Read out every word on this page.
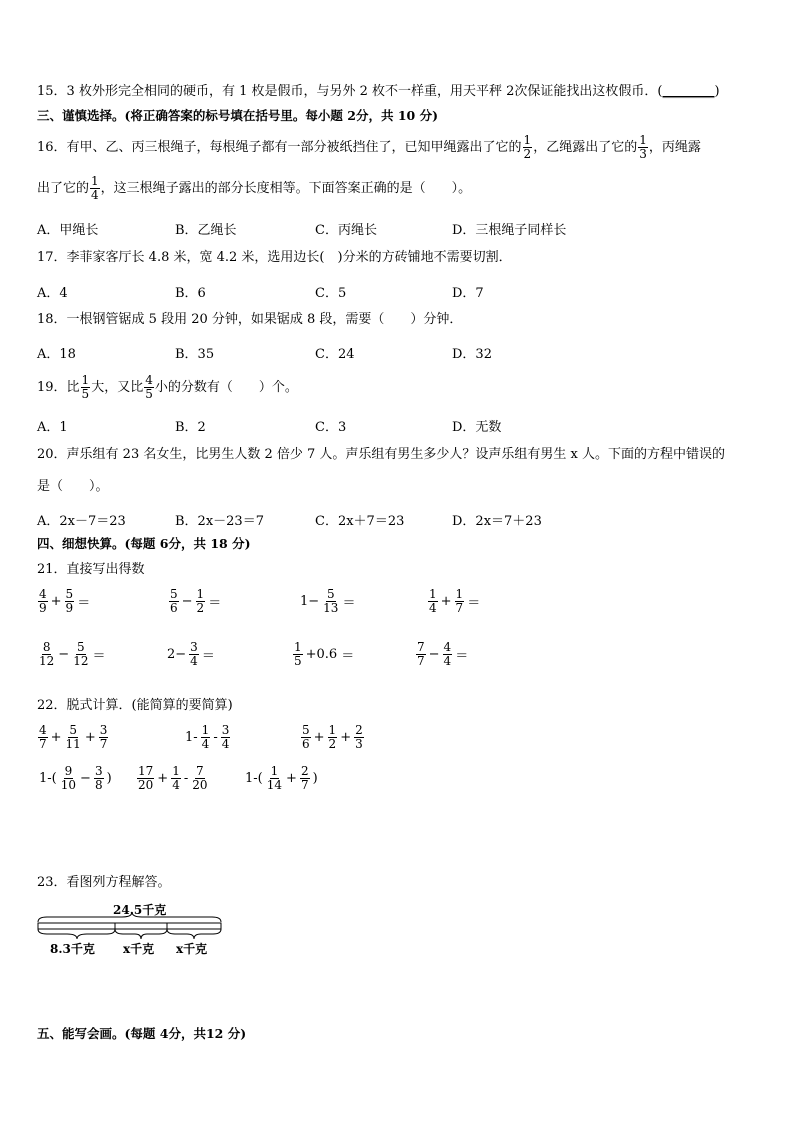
15．3 枚外形完全相同的硬币，有 1 枚是假币，与另外 2 枚不一样重，用天平秤 2次保证能找出这枚假币．(________)
三、谨慎选择。(将正确答案的标号填在括号里。每小题 2分，共 10 分)
16．有甲、乙、丙三根绳子，每根绳子都有一部分被纸挡住了，已知甲绳露出了它的 $\frac{1}{2}$ ，乙绳露出了它的 $\frac{1}{3}$ ，丙绳露
出了它的 $\frac{1}{4}$ ，这三根绳子露出的部分长度相等。下面答案正确的是（　　）。
A．甲绳长	B．乙绳长	C．丙绳长	D．三根绳子同样长
17．李菲家客厅长 4.8 米，宽 4.2 米，选用边长(　)分米的方砖铺地不需要切割．
A．4	B．6	C．5	D．7
18．一根钢管锯成 5 段用 20 分钟，如果锯成 8 段，需要（　　）分钟．
A．18	B．35	C．24	D．32
19．比 $\frac{1}{5}$ 大，又比 $\frac{4}{5}$ 小的分数有（　　）个。
A．1	B．2	C．3	D．无数
20．声乐组有 23 名女生，比男生人数 2 倍少 7 人。声乐组有男生多少人？设声乐组有男生 x 人。下面的方程中错误的
是（　　）。
A．2x－7＝23	B．2x－23＝7	C．2x＋7＝23	D．2x＝7＋23
四、细想快算。(每题 6分，共 18 分)
21．直接写出得数
$\frac{4}{9} + \frac{5}{9}$ ＝	$\frac{5}{6} - \frac{1}{2}$ ＝	$1- \frac{5}{13}$ ＝	$\frac{1}{4} + \frac{1}{7}$ ＝
$\frac{8}{12} - \frac{5}{12}$ ＝	$2- \frac{3}{4}$ ＝	$\frac{1}{5} +0.6$ ＝	$\frac{7}{7} - \frac{4}{4}$ ＝
22．脱式计算．(能简算的要简算)
$\frac{4}{7} + \frac{5}{11} + \frac{3}{7}$	$1- \frac{1}{4} - \frac{3}{4}$	$\frac{5}{6} + \frac{1}{2} + \frac{2}{3}$
$1-( \frac{9}{10} - \frac{3}{8}$ ) $\frac{17}{20} + \frac{1}{4} - \frac{7}{20}$	$1-( \frac{1}{14} + \frac{2}{7}$ )
23．看图列方程解答。
24.5千克
8.3千克 x千克 x千克
五、能写会画。(每题 4分，共12 分)
